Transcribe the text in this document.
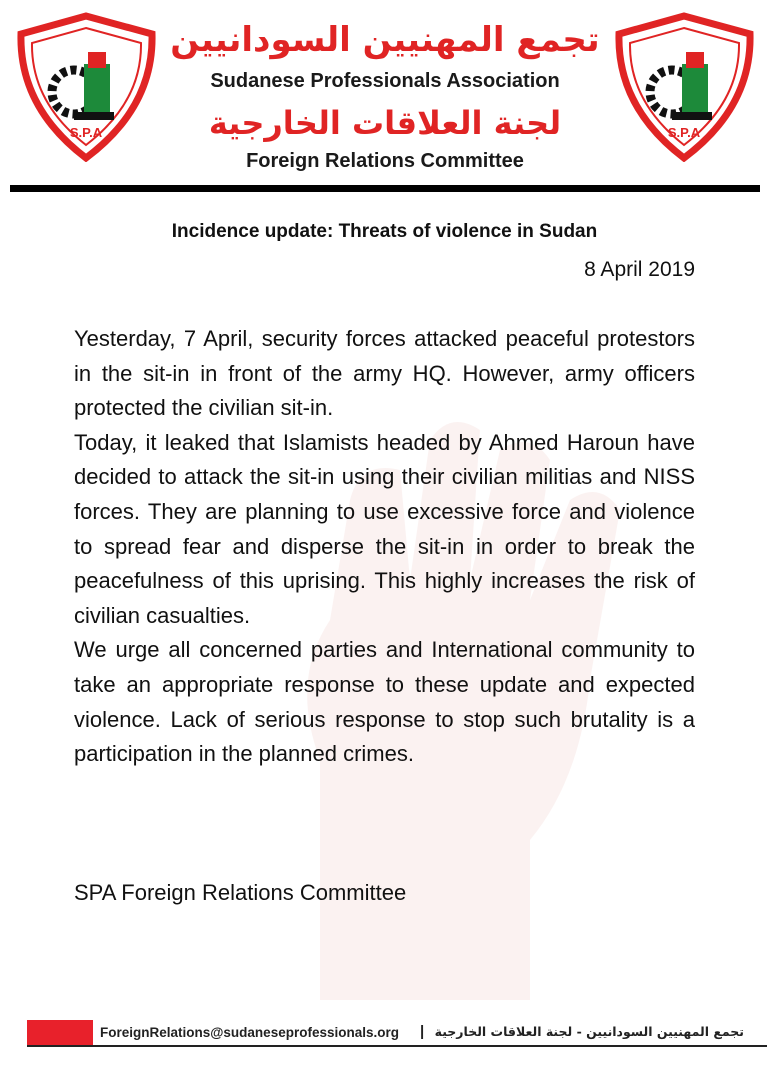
S.P.A
تجمع المهنيين السودانيين
Sudanese Professionals Association
لجنة العلاقات الخارجية
Foreign Relations Committee
S.P.A
Incidence update: Threats of violence in Sudan
8 April 2019

Yesterday, 7 April, security forces attacked peaceful protestors in the sit-in in front of the army HQ. However, army officers protected the civilian sit-in.

Today, it leaked that Islamists headed by Ahmed Haroun have decided to attack the sit-in using their civilian militias and NISS forces. They are planning to use excessive force and violence to spread fear and disperse the sit-in in order to break the peacefulness of this uprising. This highly increases the risk of civilian casualties.

We urge all concerned parties and International community to take an appropriate response to these update and expected violence. Lack of serious response to stop such brutality is a participation in the planned crimes.

SPA Foreign Relations Committee
ForeignRelations@sudaneseprofessionals.org | تجمع المهنيين السودانيين - لجنة العلاقات الخارجية
